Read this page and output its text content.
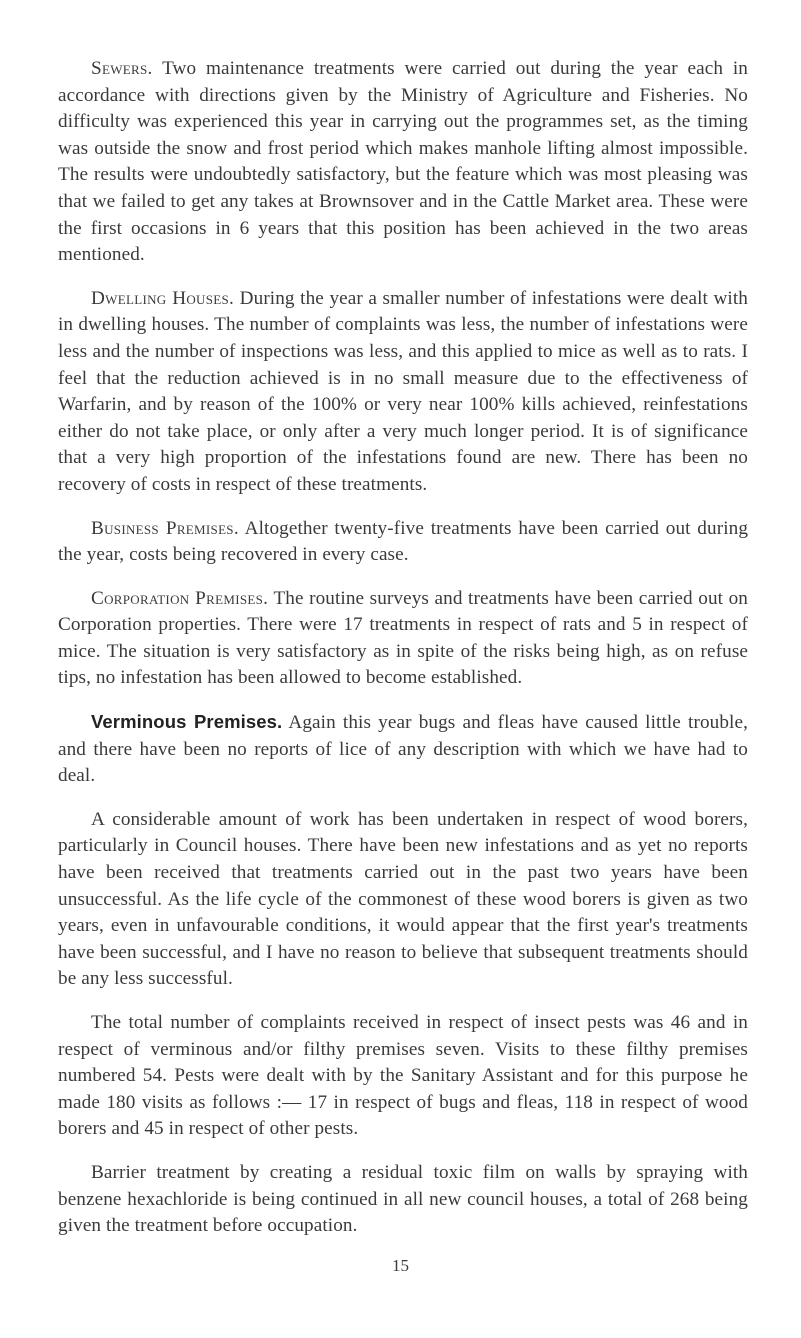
Sewers. Two maintenance treatments were carried out during the year each in accordance with directions given by the Ministry of Agriculture and Fisheries. No difficulty was experienced this year in carrying out the programmes set, as the timing was outside the snow and frost period which makes manhole lifting almost impossible. The results were undoubtedly satisfactory, but the feature which was most pleasing was that we failed to get any takes at Brownsover and in the Cattle Market area. These were the first occasions in 6 years that this position has been achieved in the two areas mentioned.

Dwelling Houses. During the year a smaller number of infestations were dealt with in dwelling houses. The number of complaints was less, the number of infestations were less and the number of inspections was less, and this applied to mice as well as to rats. I feel that the reduction achieved is in no small measure due to the effectiveness of Warfarin, and by reason of the 100% or very near 100% kills achieved, reinfestations either do not take place, or only after a very much longer period. It is of significance that a very high proportion of the infestations found are new. There has been no recovery of costs in respect of these treatments.

Business Premises. Altogether twenty-five treatments have been carried out during the year, costs being recovered in every case.

Corporation Premises. The routine surveys and treatments have been carried out on Corporation properties. There were 17 treatments in respect of rats and 5 in respect of mice. The situation is very satisfactory as in spite of the risks being high, as on refuse tips, no infestation has been allowed to become established.

Verminous Premises. Again this year bugs and fleas have caused little trouble, and there have been no reports of lice of any description with which we have had to deal.

A considerable amount of work has been undertaken in respect of wood borers, particularly in Council houses. There have been new infestations and as yet no reports have been received that treatments carried out in the past two years have been unsuccessful. As the life cycle of the commonest of these wood borers is given as two years, even in unfavourable conditions, it would appear that the first year's treatments have been successful, and I have no reason to believe that subsequent treatments should be any less successful.

The total number of complaints received in respect of insect pests was 46 and in respect of verminous and/or filthy premises seven. Visits to these filthy premises numbered 54. Pests were dealt with by the Sanitary Assistant and for this purpose he made 180 visits as follows :— 17 in respect of bugs and fleas, 118 in respect of wood borers and 45 in respect of other pests.

Barrier treatment by creating a residual toxic film on walls by spraying with benzene hexachloride is being continued in all new council houses, a total of 268 being given the treatment before occupation.

15
